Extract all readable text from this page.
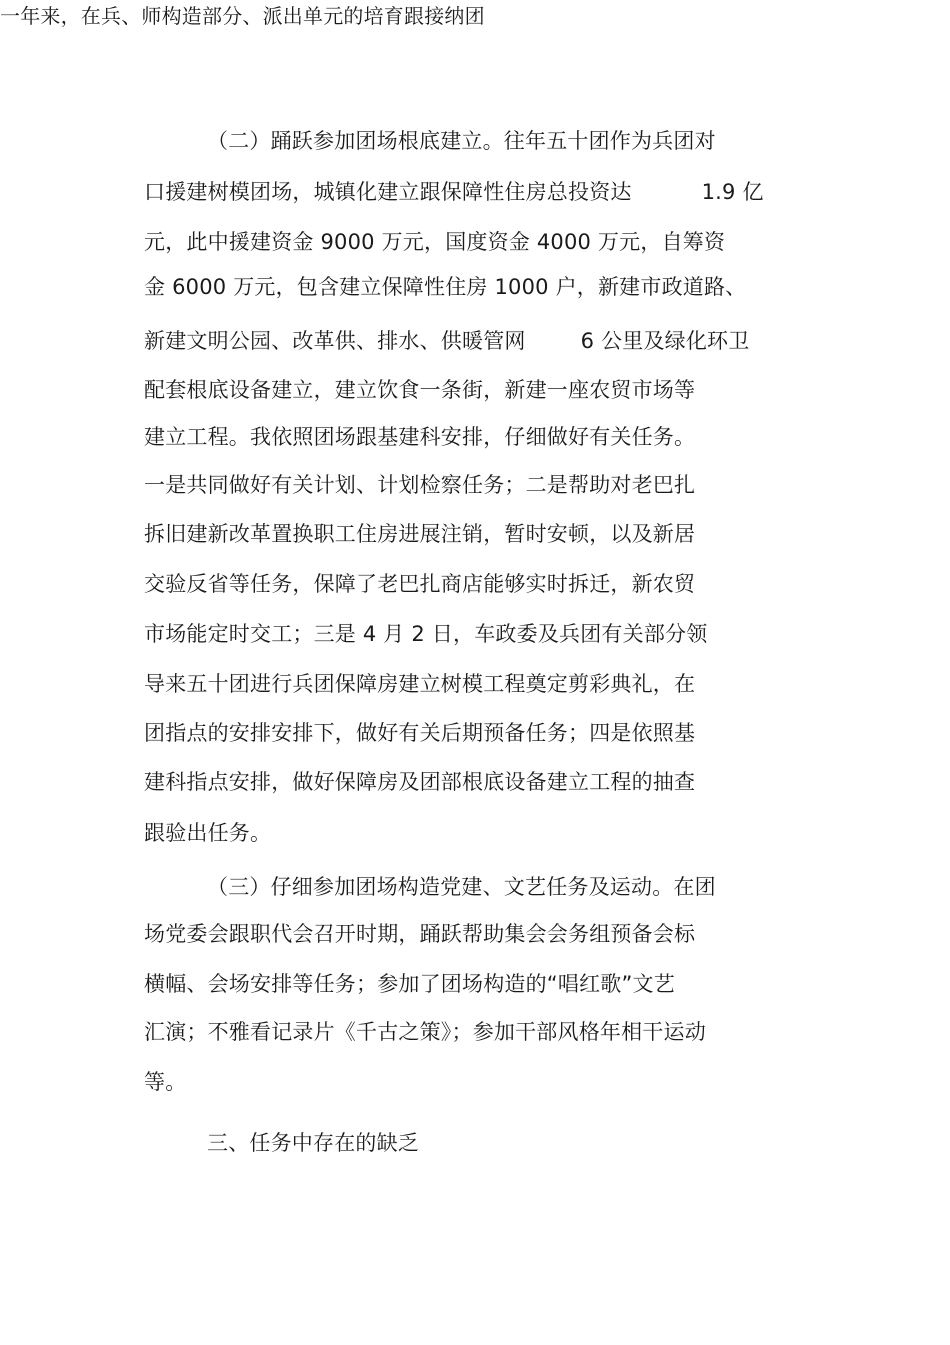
一年来，在兵、师构造部分、派出单元的培育跟接纳团
（二）踊跃参加团场根底建立。往年五十团作为兵团对
口援建树模团场，城镇化建立跟保障性住房总投资达	1.9 亿
元，此中援建资金 9000 万元，国度资金 4000 万元，自筹资
金 6000 万元，包含建立保障性住房 1000 户，新建市政道路、
新建文明公园、改革供、排水、供暖管网	6 公里及绿化环卫
配套根底设备建立，建立饮食一条街，新建一座农贸市场等
建立工程。我依照团场跟基建科安排，仔细做好有关任务。
一是共同做好有关计划、计划检察任务；二是帮助对老巴扎
拆旧建新改革置换职工住房进展注销，暂时安顿，以及新居
交验反省等任务，保障了老巴扎商店能够实时拆迁，新农贸
市场能定时交工；三是 4 月 2 日，车政委及兵团有关部分领
导来五十团进行兵团保障房建立树模工程奠定剪彩典礼，在
团指点的安排安排下，做好有关后期预备任务；四是依照基
建科指点安排，做好保障房及团部根底设备建立工程的抽查
跟验出任务。
（三）仔细参加团场构造党建、文艺任务及运动。在团
场党委会跟职代会召开时期，踊跃帮助集会会务组预备会标
横幅、会场安排等任务；参加了团场构造的“唱红歌”文艺
汇演；不雅看记录片《千古之策》；参加干部风格年相干运动
等。
三、任务中存在的缺乏
